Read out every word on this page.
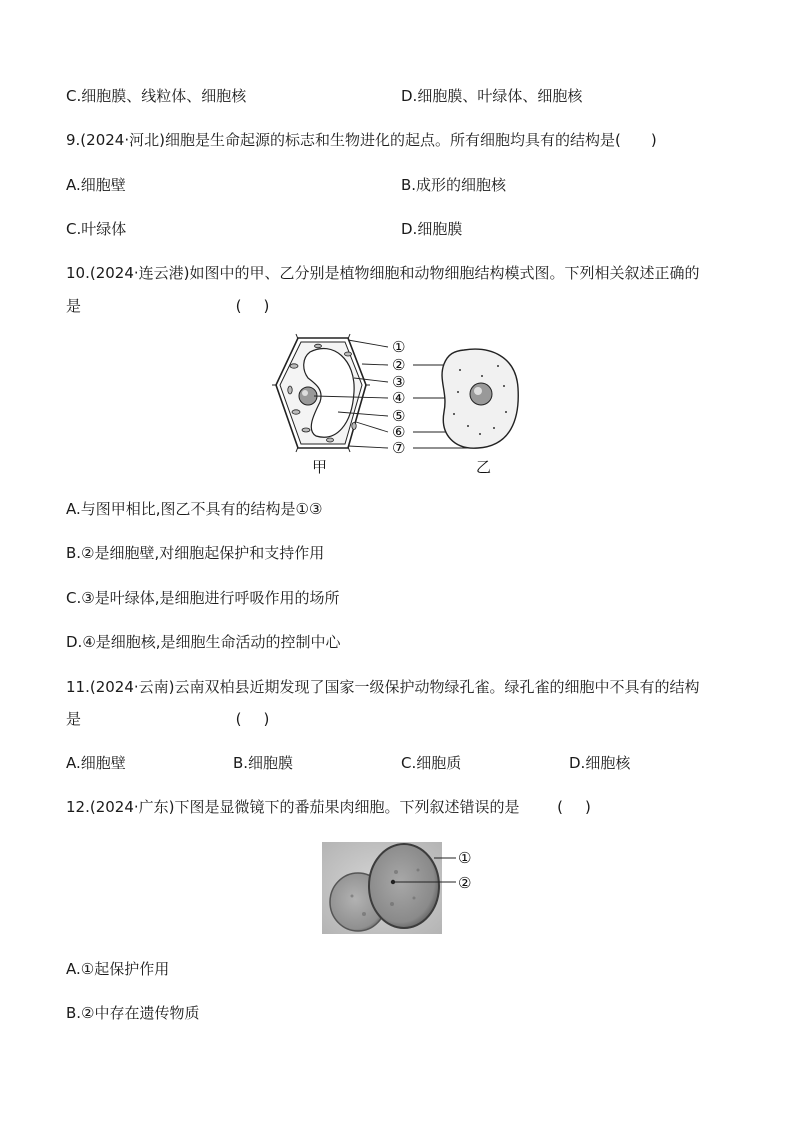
C.细胞膜、线粒体、细胞核	D.细胞膜、叶绿体、细胞核
9.(2024·河北)细胞是生命起源的标志和生物进化的起点。所有细胞均具有的结构是( )
A.细胞壁	B.成形的细胞核
C.叶绿体	D.细胞膜
10.(2024·连云港)如图中的甲、乙分别是植物细胞和动物细胞结构模式图。下列相关叙述正确的
是	( )
①
②
③
④
⑤
⑥
⑦
甲	乙
A.与图甲相比,图乙不具有的结构是①③
B.②是细胞壁,对细胞起保护和支持作用
C.③是叶绿体,是细胞进行呼吸作用的场所
D.④是细胞核,是细胞生命活动的控制中心
11.(2024·云南)云南双柏县近期发现了国家一级保护动物绿孔雀。绿孔雀的细胞中不具有的结构
是	( )
A.细胞壁	B.细胞膜	C.细胞质	D.细胞核
12.(2024·广东)下图是显微镜下的番茄果肉细胞。下列叙述错误的是	( )
①
②
A.①起保护作用
B.②中存在遗传物质
